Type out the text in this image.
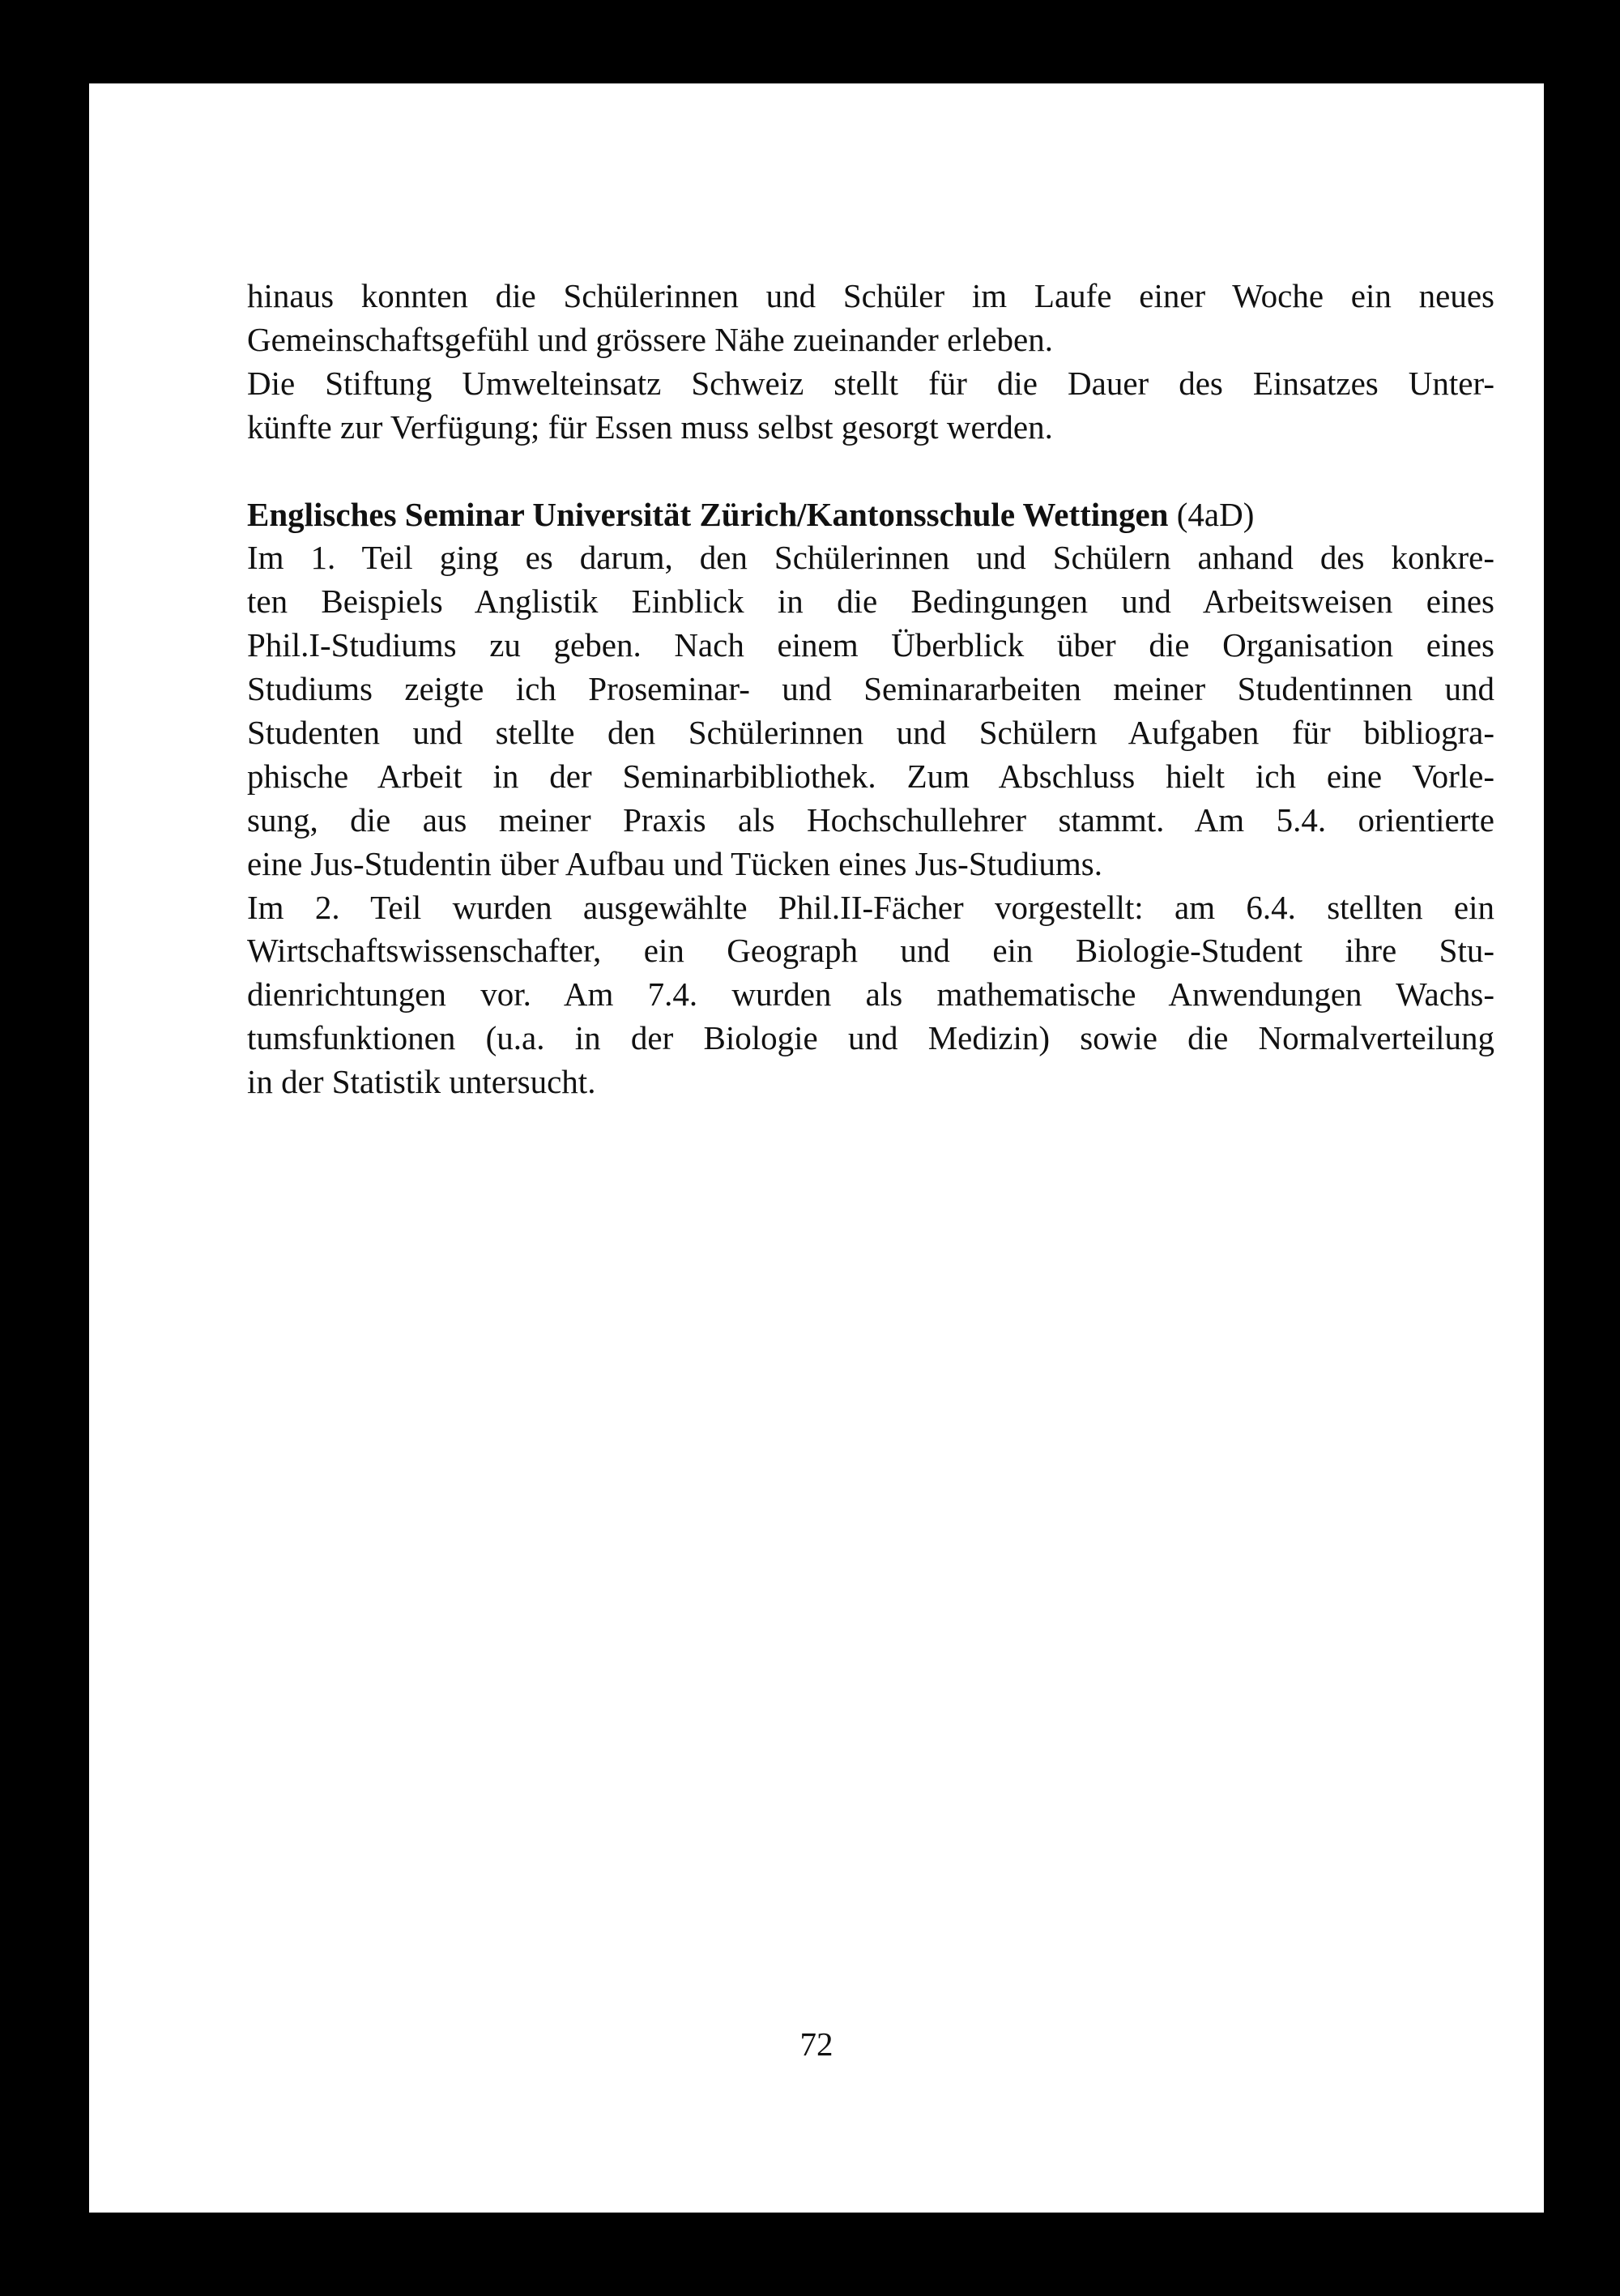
hinaus konnten die Schülerinnen und Schüler im Laufe einer Woche ein neues
Gemeinschaftsgefühl und grössere Nähe zueinander erleben.
Die Stiftung Umwelteinsatz Schweiz stellt für die Dauer des Einsatzes Unter-
künfte zur Verfügung; für Essen muss selbst gesorgt werden.
Englisches Seminar Universität Zürich/Kantonsschule Wettingen (4aD)
Im 1. Teil ging es darum, den Schülerinnen und Schülern anhand des konkre-
ten Beispiels Anglistik Einblick in die Bedingungen und Arbeitsweisen eines
Phil.I-Studiums zu geben. Nach einem Überblick über die Organisation eines
Studiums zeigte ich Proseminar- und Seminararbeiten meiner Studentinnen und
Studenten und stellte den Schülerinnen und Schülern Aufgaben für bibliogra-
phische Arbeit in der Seminarbibliothek. Zum Abschluss hielt ich eine Vorle-
sung, die aus meiner Praxis als Hochschullehrer stammt. Am 5.4. orientierte
eine Jus-Studentin über Aufbau und Tücken eines Jus-Studiums.
Im 2. Teil wurden ausgewählte Phil.II-Fächer vorgestellt: am 6.4. stellten ein
Wirtschaftswissenschafter, ein Geograph und ein Biologie-Student ihre Stu-
dienrichtungen vor. Am 7.4. wurden als mathematische Anwendungen Wachs-
tumsfunktionen (u.a. in der Biologie und Medizin) sowie die Normalverteilung
in der Statistik untersucht.
72
